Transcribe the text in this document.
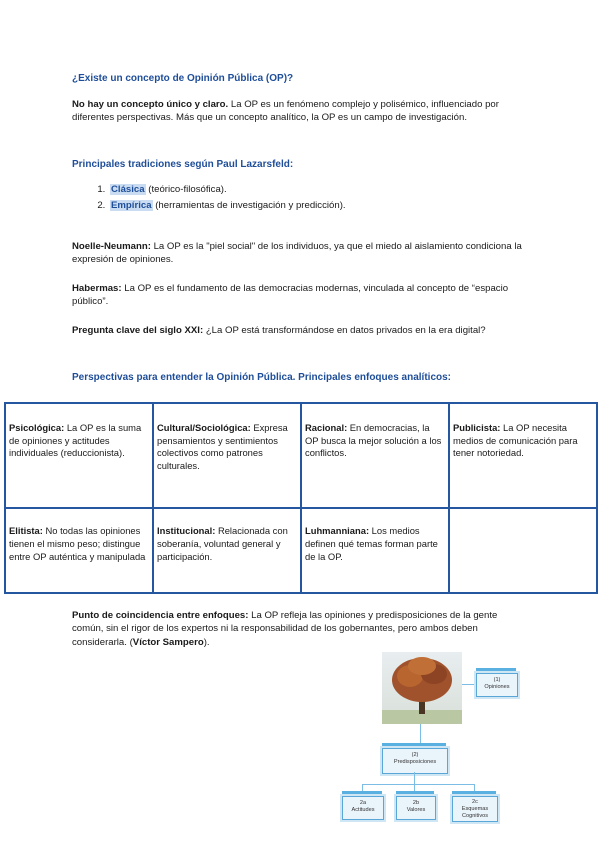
¿Existe un concepto de Opinión Pública (OP)?
No hay un concepto único y claro. La OP es un fenómeno complejo y polisémico, influenciado por diferentes perspectivas. Más que un concepto analítico, la OP es un campo de investigación.
Principales tradiciones según Paul Lazarsfeld:
1. Clásica (teórico-filosófica).
2. Empírica (herramientas de investigación y predicción).
Noelle-Neumann: La OP es la "piel social" de los individuos, ya que el miedo al aislamiento condiciona la expresión de opiniones.
Habermas: La OP es el fundamento de las democracias modernas, vinculada al concepto de “espacio público”.
Pregunta clave del siglo XXI: ¿La OP está transformándose en datos privados en la era digital?
Perspectivas para entender la Opinión Pública. Principales enfoques analíticos:
Psicológica: La OP es la suma de opiniones y actitudes individuales (reduccionista).	Cultural/Sociológica: Expresa pensamientos y sentimientos colectivos como patrones culturales.	Racional: En democracias, la OP busca la mejor solución a los conflictos.	Publicista: La OP necesita medios de comunicación para tener notoriedad.
Elitista: No todas las opiniones tienen el mismo peso; distingue entre OP auténtica y manipulada	Institucional: Relacionada con soberanía, voluntad general y participación.	Luhmanniana: Los medios definen qué temas forman parte de la OP.	
Punto de coincidencia entre enfoques: La OP refleja las opiniones y predisposiciones de la gente común, sin el rigor de los expertos ni la responsabilidad de los gobernantes, pero ambos deben considerarla. (Víctor Sampero).
(1)
Opiniones
(2)
Predisposiciones
2a
Actitudes
2b
Valores
2c
Esquemas Cognitivos
